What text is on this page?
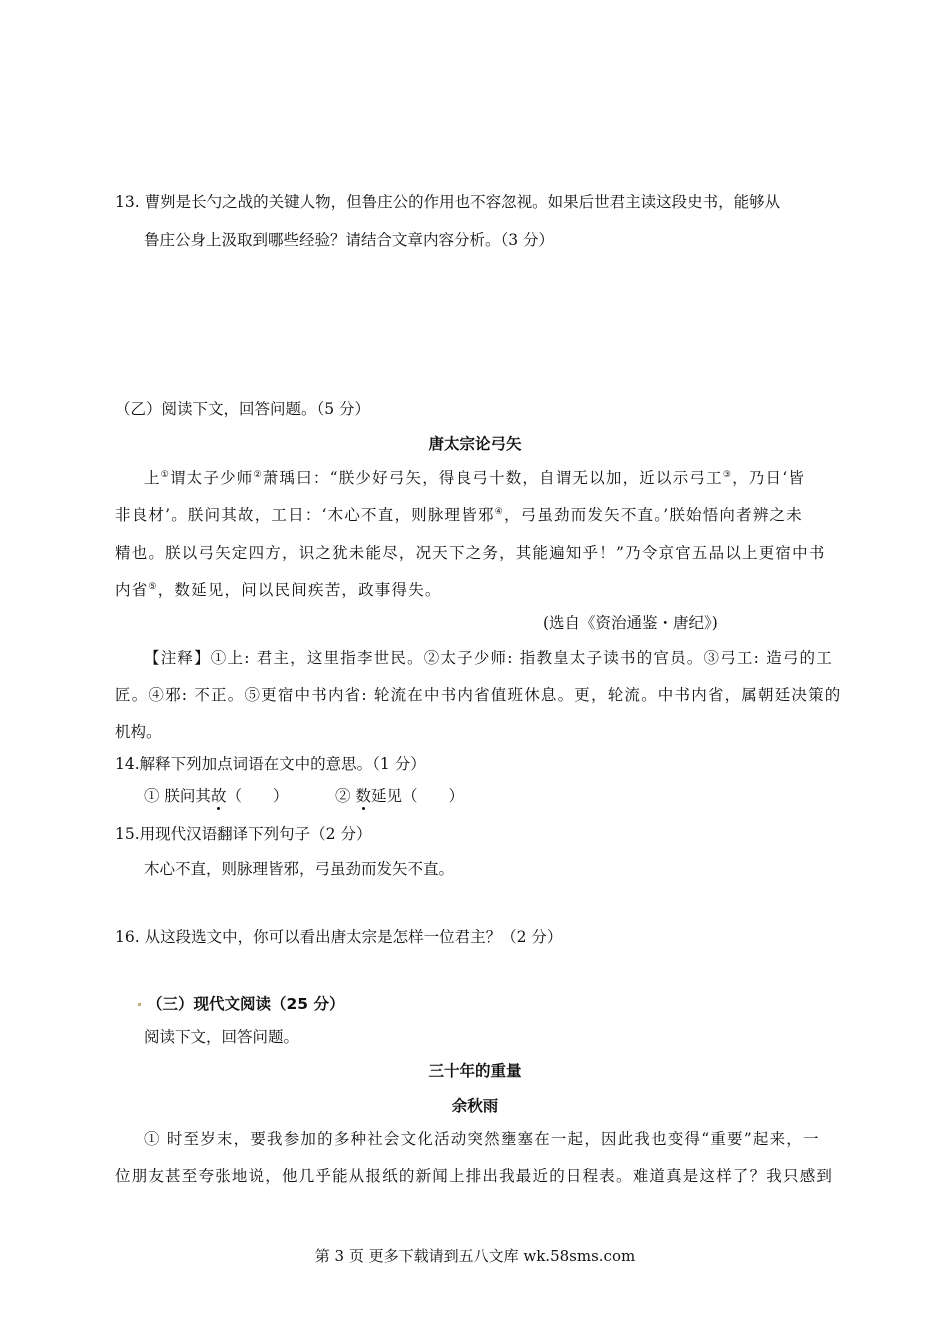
13. 曹刿是长勺之战的关键人物，但鲁庄公的作用也不容忽视。如果后世君主读这段史书，能够从
鲁庄公身上汲取到哪些经验？请结合文章内容分析。（3 分）
（乙）阅读下文，回答问题。（5 分）
唐太宗论弓矢
上①谓太子少师②萧瑀曰：“朕少好弓矢，得良弓十数，自谓无以加，近以示弓工③，乃日‘皆
非良材’。朕问其故，工日：‘木心不直，则脉理皆邪④，弓虽劲而发矢不直。’朕始悟向者辨之未
精也。朕以弓矢定四方，识之犹未能尽，况天下之务，其能遍知乎！”乃令京官五品以上更宿中书
内省⑤，数延见，问以民间疾苦，政事得失。
(选自《资治通鉴・唐纪》)
【注释】①上: 君主，这里指李世民。②太子少师: 指教皇太子读书的官员。③弓工: 造弓的工
匠。④邪: 不正。⑤更宿中书内省: 轮流在中书内省值班休息。更，轮流。中书内省，属朝廷决策的
机构。
14.解释下列加点词语在文中的意思。（1 分）
① 朕问其故（　　）	② 数延见（　　）
15.用现代汉语翻译下列句子（2 分）
木心不直，则脉理皆邪，弓虽劲而发矢不直。
16. 从这段选文中，你可以看出唐太宗是怎样一位君主？（2 分）
（三）现代文阅读（25 分）
阅读下文，回答问题。
三十年的重量
余秋雨
① 时至岁末，要我参加的多种社会文化活动突然壅塞在一起，因此我也变得“重要”起来，一
位朋友甚至夸张地说，他几乎能从报纸的新闻上排出我最近的日程表。难道真是这样了？我只感到
第 3 页 更多下载请到五八文库 wk.58sms.com
